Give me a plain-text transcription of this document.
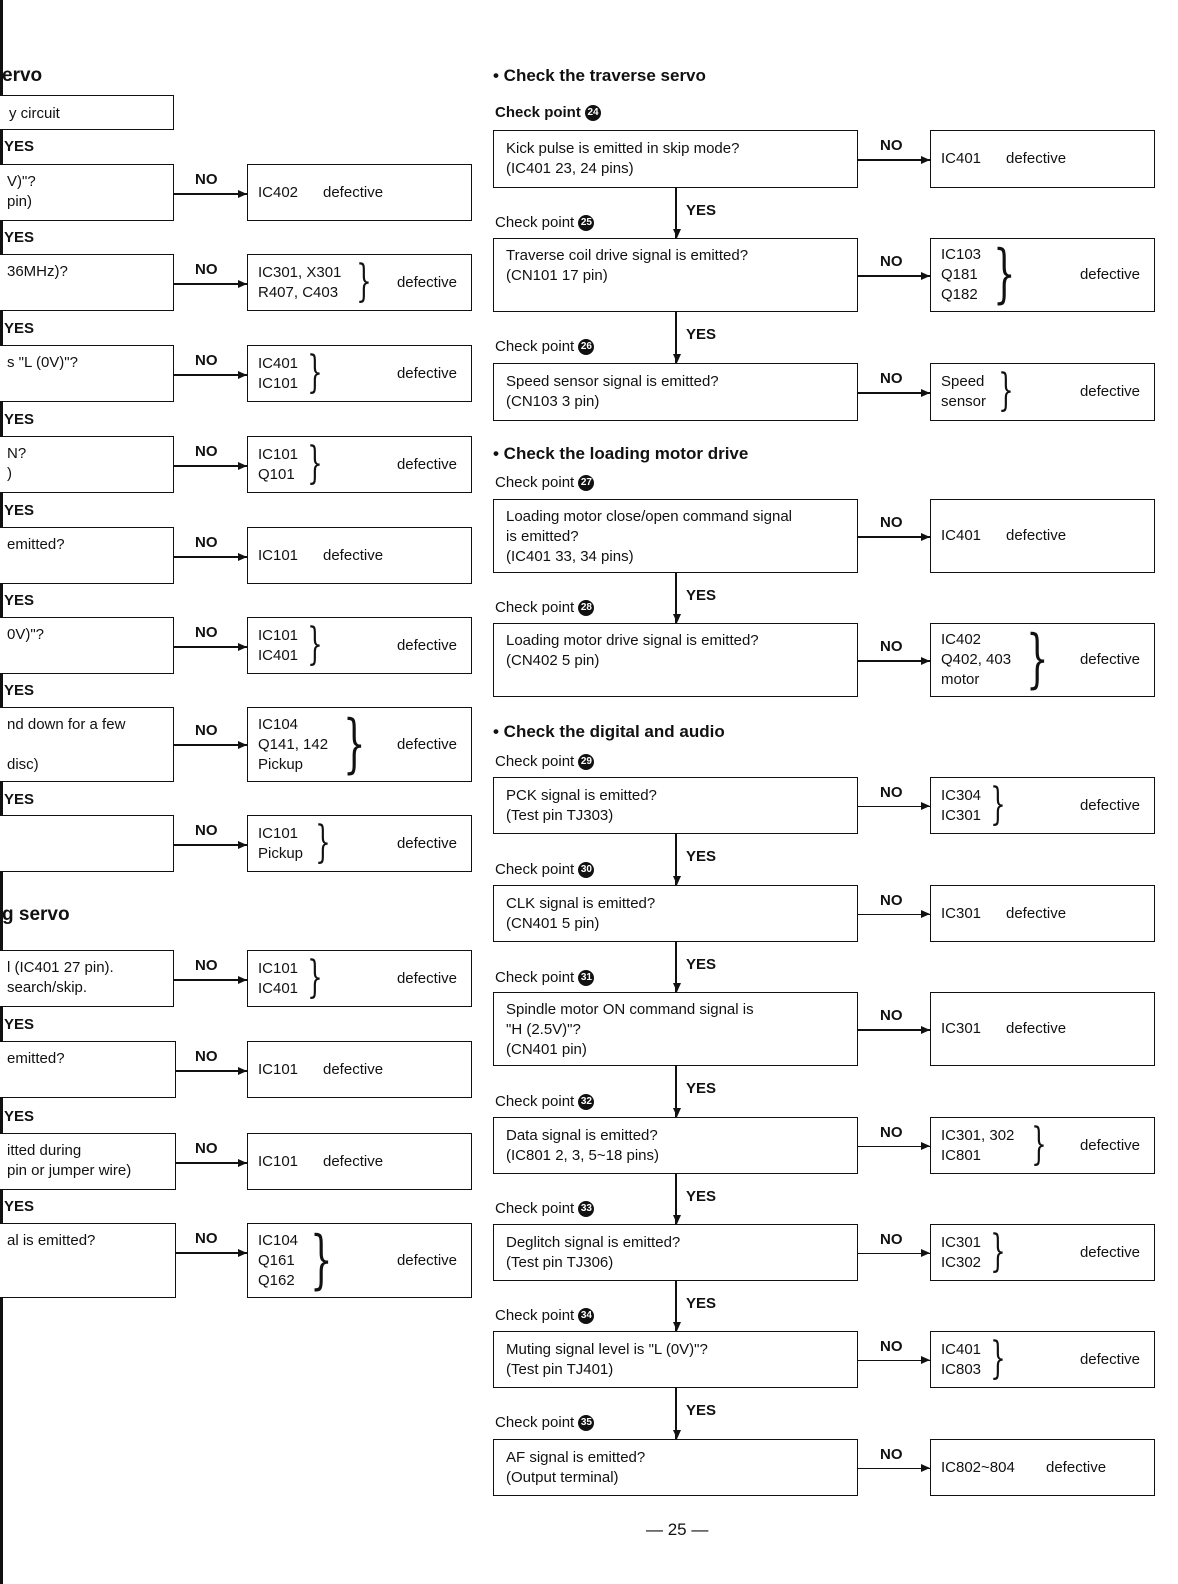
— 25 —
ervo
y circuit
YES
V)"?
pin)
NO
IC402 defective
YES
36MHz)?	NO	IC301, X301
R407, C403 } defective
YES
s "L (0V)"?	NO	IC401
IC101 }	defective
YES
N?
)
NO	IC101
Q101 }	defective
YES
emitted?	NO
IC101 defective
YES
0V)"?	NO	IC101
IC401 }	defective
YES
nd down for a few

disc)
NO	IC104
Q141, 142
Pickup } defective
YES
NO	IC101
Pickup }	defective
l (IC401 27 pin).
search/skip.
NO	IC101
IC401 }	defective
YES
emitted?	NO
IC101 defective
YES
itted during
pin or jumper wire)
NO
IC101 defective
YES
al is emitted?	NO	IC104
Q161
Q162 }	defective
g servo
• Check the traverse servo
Check point 24
Kick pulse is emitted in skip mode?
(IC401 23, 24 pins)
NO
IC401 defective
YES
Check point 25
Traverse coil drive signal is emitted?
(CN101 17 pin)
NO	IC103
Q181
Q182 }	defective
YES
Check point 26
Speed sensor signal is emitted?
(CN103 3 pin)
NO	Speed
sensor }	defective
• Check the loading motor drive
Check point 27
Loading motor close/open command signal
is emitted?
(IC401 33, 34 pins)
NO
IC401 defective
YES
Check point 28
Loading motor drive signal is emitted?
(CN402 5 pin)
NO	IC402
Q402, 403
motor } defective
• Check the digital and audio
Check point 29
PCK signal is emitted?
(Test pin TJ303)
NO	IC304
IC301 }	defective
YES
Check point 30
CLK signal is emitted?
(CN401 5 pin)
NO
IC301 defective
YES
Check point 31
Spindle motor ON command signal is
"H (2.5V)"?
(CN401 pin)
NO
IC301 defective
YES
Check point 32
Data signal is emitted?
(IC801 2, 3, 5~18 pins)
NO	IC301, 302
IC801 } defective
YES
Check point 33
Deglitch signal is emitted?
(Test pin TJ306)
NO	IC301
IC302 }	defective
YES
Check point 34
Muting signal level is "L (0V)"?
(Test pin TJ401)
NO	IC401
IC803 }	defective
YES
Check point 35
AF signal is emitted?
(Output terminal)
NO
IC802~804 defective
